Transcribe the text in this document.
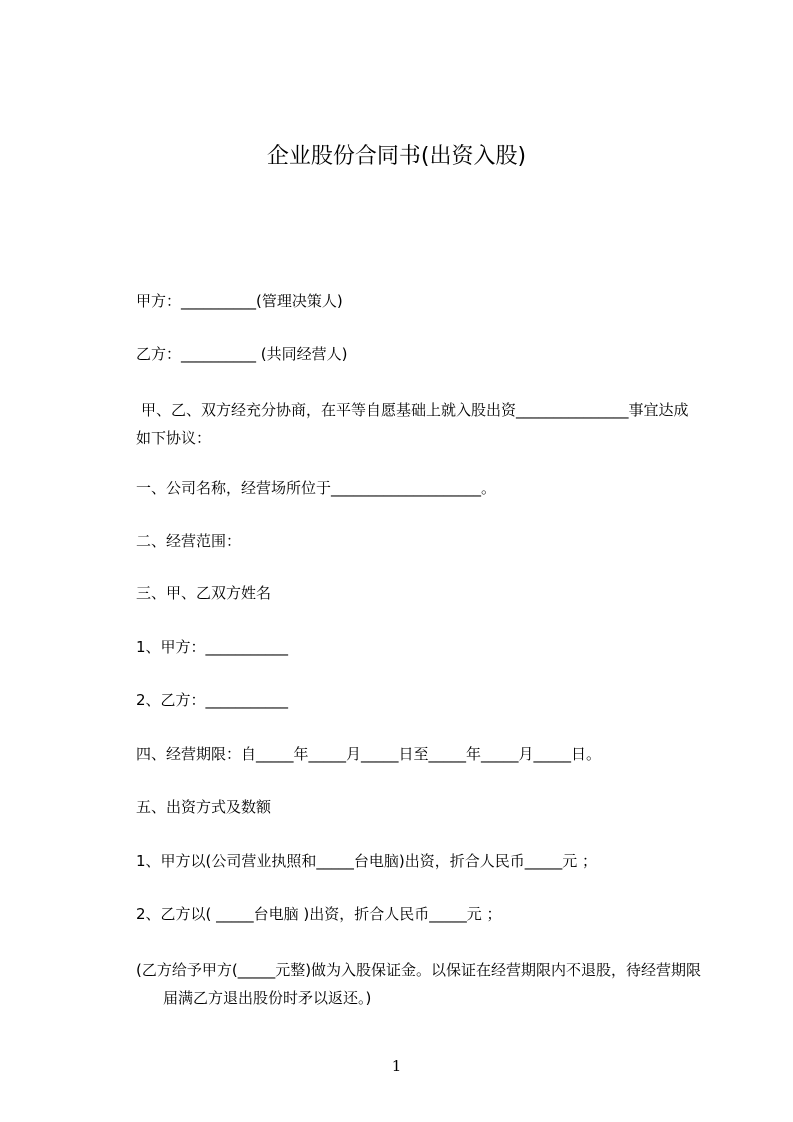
企业股份合同书(出资入股)
甲方：__________(管理决策人)
乙方：__________ (共同经营人)
甲、乙、双方经充分协商，在平等自愿基础上就入股出资_______________事宜达成如下协议：
一、公司名称，经营场所位于____________________。
二、经营范围：
三、甲、乙双方姓名
1、甲方：___________
2、乙方：___________
四、经营期限：自_____年_____月_____日至_____年_____月_____日。
五、出资方式及数额
1、甲方以(公司营业执照和_____台电脑)出资，折合人民币_____元 ；
2、乙方以( _____台电脑 )出资，折合人民币_____元 ；
(乙方给予甲方(_____元整)做为入股保证金。以保证在经营期限内不退股，待经营期限届满乙方退出股份时矛以返还。)
1
